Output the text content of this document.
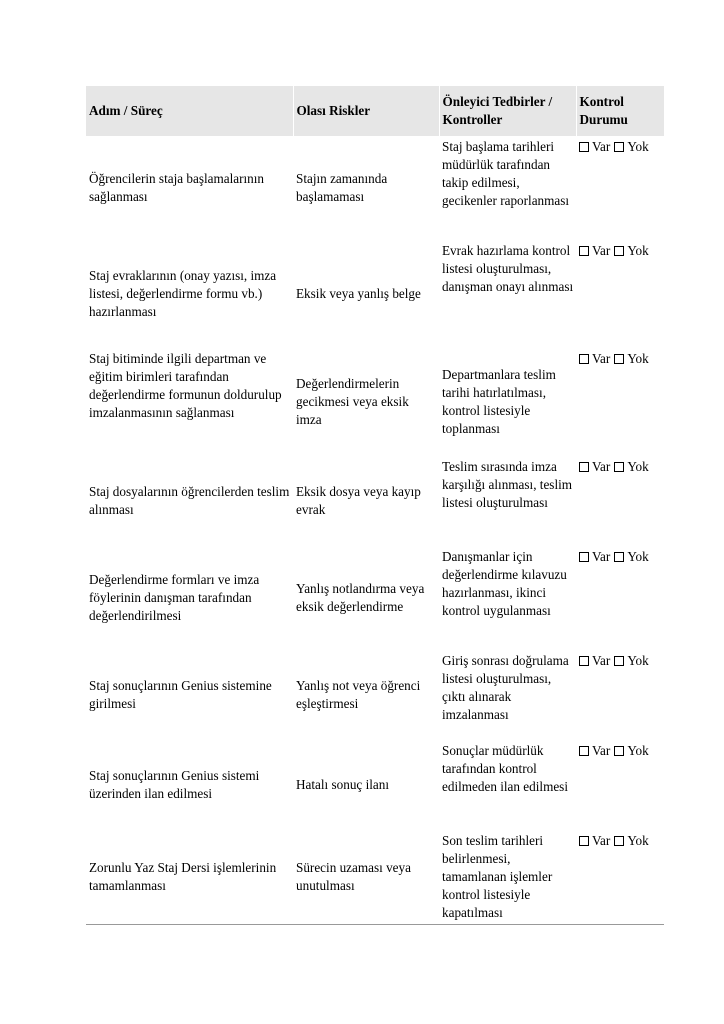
Adım / Süreç	Olası Riskler	Önleyici Tedbirler / Kontroller	Kontrol Durumu
Öğrencilerin staja başlamalarının sağlanması	Stajın zamanında başlamaması	Staj başlama tarihleri müdürlük tarafından takip edilmesi, gecikenler raporlanması	Var Yok
Staj evraklarının (onay yazısı, imza listesi, değerlendirme formu vb.) hazırlanması	Eksik veya yanlış belge	Evrak hazırlama kontrol listesi oluşturulması, danışman onayı alınması	Var Yok
Staj bitiminde ilgili departman ve eğitim birimleri tarafından değerlendirme formunun doldurulup imzalanmasının sağlanması	Değerlendirmelerin gecikmesi veya eksik imza	Departmanlara teslim tarihi hatırlatılması, kontrol listesiyle toplanması	Var Yok
Staj dosyalarının öğrencilerden teslim alınması	Eksik dosya veya kayıp evrak	Teslim sırasında imza karşılığı alınması, teslim listesi oluşturulması	Var Yok
Değerlendirme formları ve imza föylerinin danışman tarafından değerlendirilmesi	Yanlış notlandırma veya eksik değerlendirme	Danışmanlar için değerlendirme kılavuzu hazırlanması, ikinci kontrol uygulanması	Var Yok
Staj sonuçlarının Genius sistemine girilmesi	Yanlış not veya öğrenci eşleştirmesi	Giriş sonrası doğrulama listesi oluşturulması, çıktı alınarak imzalanması	Var Yok
Staj sonuçlarının Genius sistemi üzerinden ilan edilmesi	Hatalı sonuç ilanı	Sonuçlar müdürlük tarafından kontrol edilmeden ilan edilmesi	Var Yok
Zorunlu Yaz Staj Dersi işlemlerinin tamamlanması	Sürecin uzaması veya unutulması	Son teslim tarihleri belirlenmesi, tamamlanan işlemler kontrol listesiyle kapatılması	Var Yok
